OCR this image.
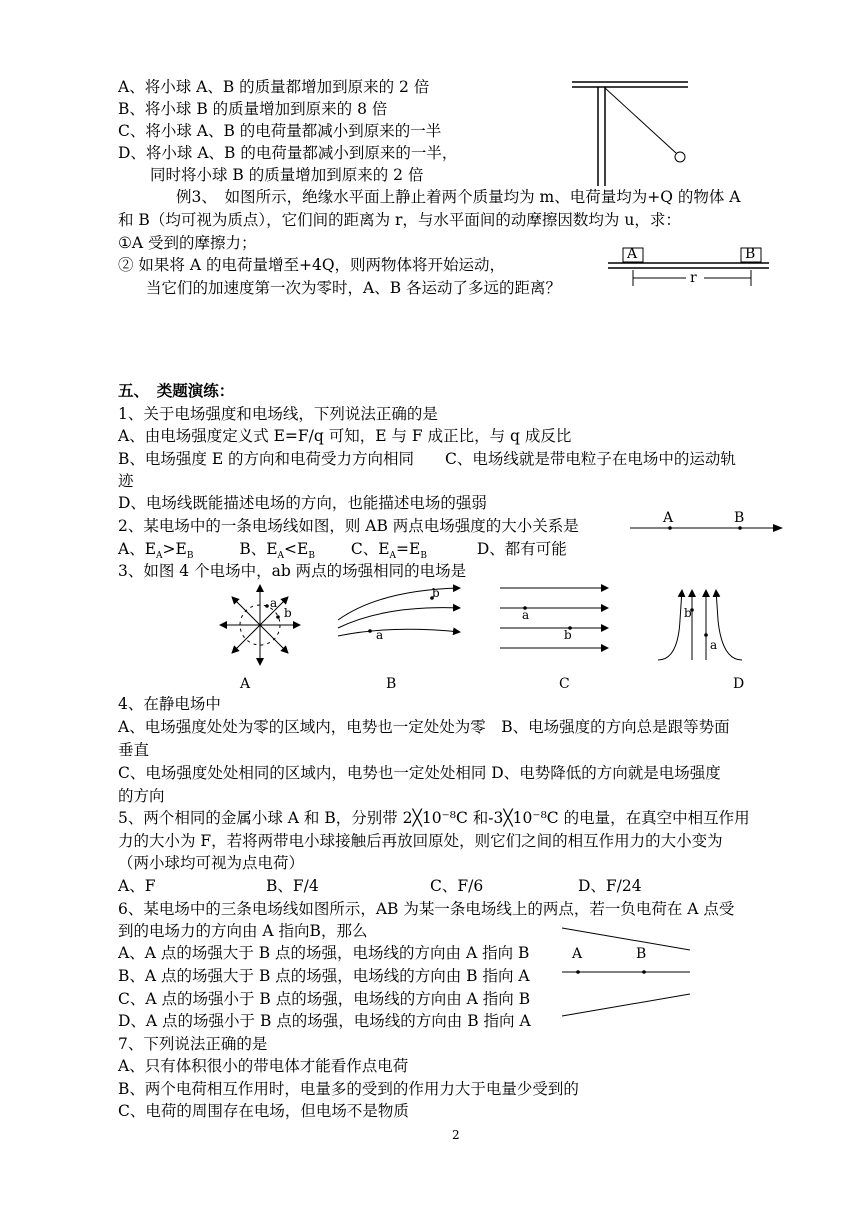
A、将小球 A、B 的质量都增加到原来的 2 倍
B、将小球 B 的质量增加到原来的 8 倍
C、将小球 A、B 的电荷量都减小到原来的一半
D、将小球 A、B 的电荷量都减小到原来的一半，
同时将小球 B 的质量增加到原来的 2 倍
例3、　如图所示，绝缘水平面上静止着两个质量均为 m、电荷量均为+Q 的物体 A
和 B（均可视为质点），它们间的距离为 r，与水平面间的动摩擦因数均为 u，求：
①A 受到的摩擦力；
② 如果将 A 的电荷量增至+4Q，则两物体将开始运动，
当它们的加速度第一次为零时，A、B 各运动了多远的距离？
A	B
r
五、　类题演练：
1、关于电场强度和电场线，下列说法正确的是
A、由电场强度定义式 E=F/q 可知，E 与 F 成正比，与 q 成反比
B、电场强度 E 的方向和电荷受力方向相同　　C、电场线就是带电粒子在电场中的运动轨
迹
D、电场线既能描述电场的方向，也能描述电场的强弱
2、某电场中的一条电场线如图，则 AB 两点电场强度的大小关系是	A	B
A、$E_A>E_B$	B、$E_A<E_B$ C、$E_A=E_B$	D、都有可能
3、如图 4 个电场中，ab 两点的场强相同的电场是
a
b
b
a
a
b
b
a
A	B	C	D
4、在静电场中
A、电场强度处处为零的区域内，电势也一定处处为零　B、电场强度的方向总是跟等势面
垂直
C、电场强度处处相同的区域内，电势也一定处处相同 D、电势降低的方向就是电场强度
的方向
5、两个相同的金属小球 A 和 B，分别带 2╳10⁻⁸C 和-3╳10⁻⁸C 的电量，在真空中相互作用
力的大小为 F，若将两带电小球接触后再放回原处，则它们之间的相互作用力的大小变为
（两小球均可视为点电荷）
A、F	B、F/4	C、F/6	D、F/24
6、某电场中的三条电场线如图所示，AB 为某一条电场线上的两点，若一负电荷在 A 点受
到的电场力的方向由 A 指向B，那么
A、A 点的场强大于 B 点的场强，电场线的方向由 A 指向 B
B、A 点的场强大于 B 点的场强，电场线的方向由 B 指向 A
C、A 点的场强小于 B 点的场强，电场线的方向由 A 指向 B
D、A 点的场强小于 B 点的场强，电场线的方向由 B 指向 A
A	B
7、下列说法正确的是
A、只有体积很小的带电体才能看作点电荷
B、两个电荷相互作用时，电量多的受到的作用力大于电量少受到的
C、电荷的周围存在电场，但电场不是物质
2
